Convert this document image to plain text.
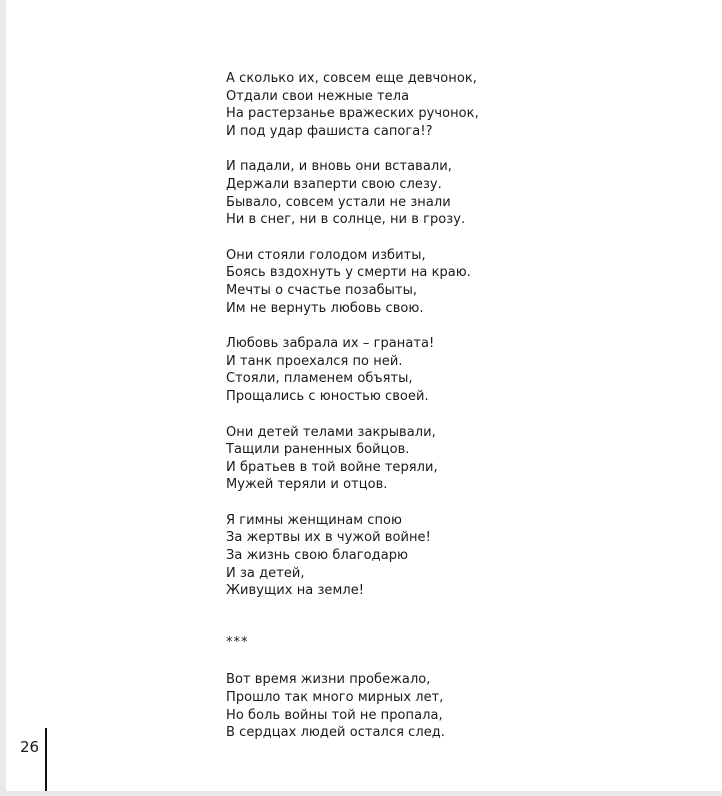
А сколько их, совсем еще девчонок,
Отдали свои нежные тела
На растерзанье вражеских ручонок,
И под удар фашиста сапога!?
И падали, и вновь они вставали,
Держали взаперти свою слезу.
Бывало, совсем устали не знали
Ни в снег, ни в солнце, ни в грозу.
Они стояли голодом избиты,
Боясь вздохнуть у смерти на краю.
Мечты о счастье позабыты,
Им не вернуть любовь свою.
Любовь забрала их – граната!
И танк проехался по ней.
Стояли, пламенем объяты,
Прощались с юностью своей.
Они детей телами закрывали,
Тащили раненных бойцов.
И братьев в той войне теряли,
Мужей теряли и отцов.
Я гимны женщинам спою
За жертвы их в чужой войне!
За жизнь свою благодарю
И за детей,
Живущих на земле!
***
Вот время жизни пробежало,
Прошло так много мирных лет,
Но боль войны той не пропала,
В сердцах людей остался след.
26
